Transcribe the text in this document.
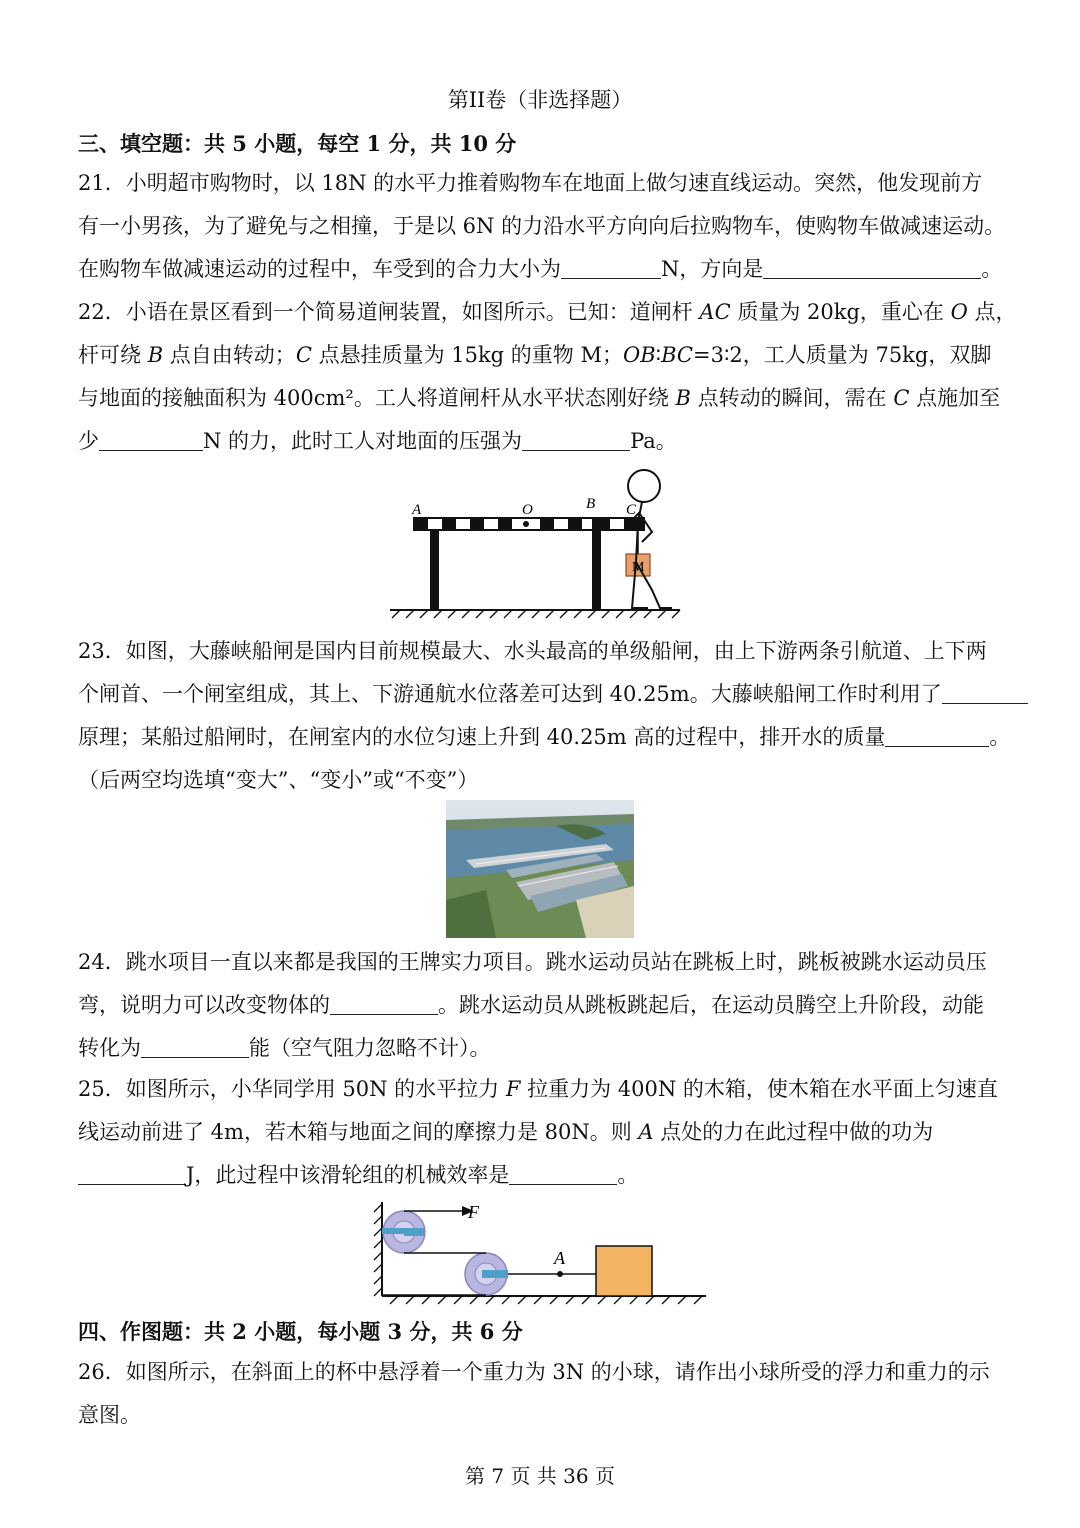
第II卷（非选择题）
三、填空题：共 5 小题，每空 1 分，共 10 分
21．小明超市购物时，以 18N 的水平力推着购物车在地面上做匀速直线运动。突然，他发现前方
有一小男孩，为了避免与之相撞，于是以 6N 的力沿水平方向向后拉购物车，使购物车做减速运动。
在购物车做减速运动的过程中，车受到的合力大小为	N，方向是	。
22．小语在景区看到一个简易道闸装置，如图所示。已知：道闸杆 AC 质量为 20kg，重心在 O 点，
杆可绕 B 点自由转动；C 点悬挂质量为 15kg 的重物 M；OB∶BC=3∶2，工人质量为 75kg，双脚
与地面的接触面积为 400cm²。工人将道闸杆从水平状态刚好绕 B 点转动的瞬间，需在 C 点施加至
少	N 的力，此时工人对地面的压强为	Pa。
M
A	O	B C
23．如图，大藤峡船闸是国内目前规模最大、水头最高的单级船闸，由上下游两条引航道、上下两
个闸首、一个闸室组成，其上、下游通航水位落差可达到 40.25m。大藤峡船闸工作时利用了
原理；某船过船闸时，在闸室内的水位匀速上升到 40.25m 高的过程中，排开水的质量	。
（后两空均选填“变大”、“变小”或“不变”）
24．跳水项目一直以来都是我国的王牌实力项目。跳水运动员站在跳板上时，跳板被跳水运动员压
弯，说明力可以改变物体的	。跳水运动员从跳板跳起后，在运动员腾空上升阶段，动能
转化为	能（空气阻力忽略不计）。
25．如图所示，小华同学用 50N 的水平拉力 F 拉重力为 400N 的木箱，使木箱在水平面上匀速直
线运动前进了 4m，若木箱与地面之间的摩擦力是 80N。则 A 点处的力在此过程中做的功为
J，此过程中该滑轮组的机械效率是	。
F
A
四、作图题：共 2 小题，每小题 3 分，共 6 分
26．如图所示，在斜面上的杯中悬浮着一个重力为 3N 的小球，请作出小球所受的浮力和重力的示
意图。
第 7 页 共 36 页
